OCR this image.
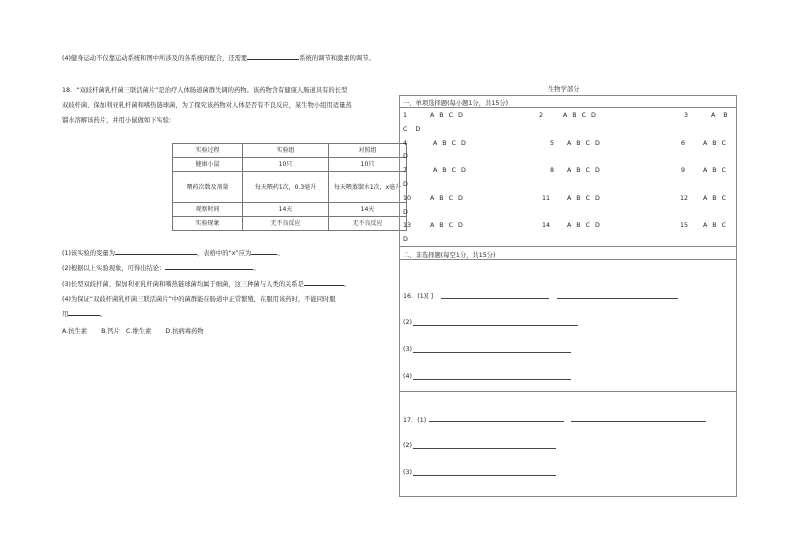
(4)健身运动不仅靠运动系统和图中所涉及的各系统的配合，还需要	系统的调节和激素的调节。
18．“双歧杆菌乳杆菌三联活菌片”是治疗人体肠道菌群失调的药物。该药物含有健康人肠道具有的长型
双歧杆菌、保加利亚乳杆菌和嗜热链球菌，为了探究该药物对人体是否有不良反应，某生物小组用适量蒸
馏水溶解该药片，并用小鼠做如下实验：
实验过程	实验组	对照组
健康小鼠	10只	10只
喂药次数及剂量	每天喂药1次，0.3毫升	每天喂蒸馏水1次，x毫升
观察时间	14天	14天
实验现象	无不良反应	无不良反应
(1)该实验的变量为	，表格中的“x”应为	。
(2)根据以上实验现象，可得出结论：	。
(3)长型双歧杆菌、保加利亚乳杆菌和嗜热链球菌均属于细菌，这三种菌与人类的关系是	。
(4)为保证“双歧杆菌乳杆菌三联活菌片”中的菌群能在肠道中正常繁殖，在服用该药时，不能同时服
用	。
A.抗生素 B.钙片 C.维生素 D.抗病毒药物
生物学部分
一、单项选择题(每小题1分，共15分)
1	A B C D	2	A B C D	3	A B
C D
4	A B C D	5 A B C D	6	A B C
D
7	A B C D	8 A B C D	9	A B C
D
10	A B C D	11	A B C D	12 A B C
D
13	A B C D	14	A B C D	15 A B C
D
二、非选择题(每空1分，共15分)
16．(1)[ ]
(2)
(3)
(4)
17．(1)
(2)
(3)
